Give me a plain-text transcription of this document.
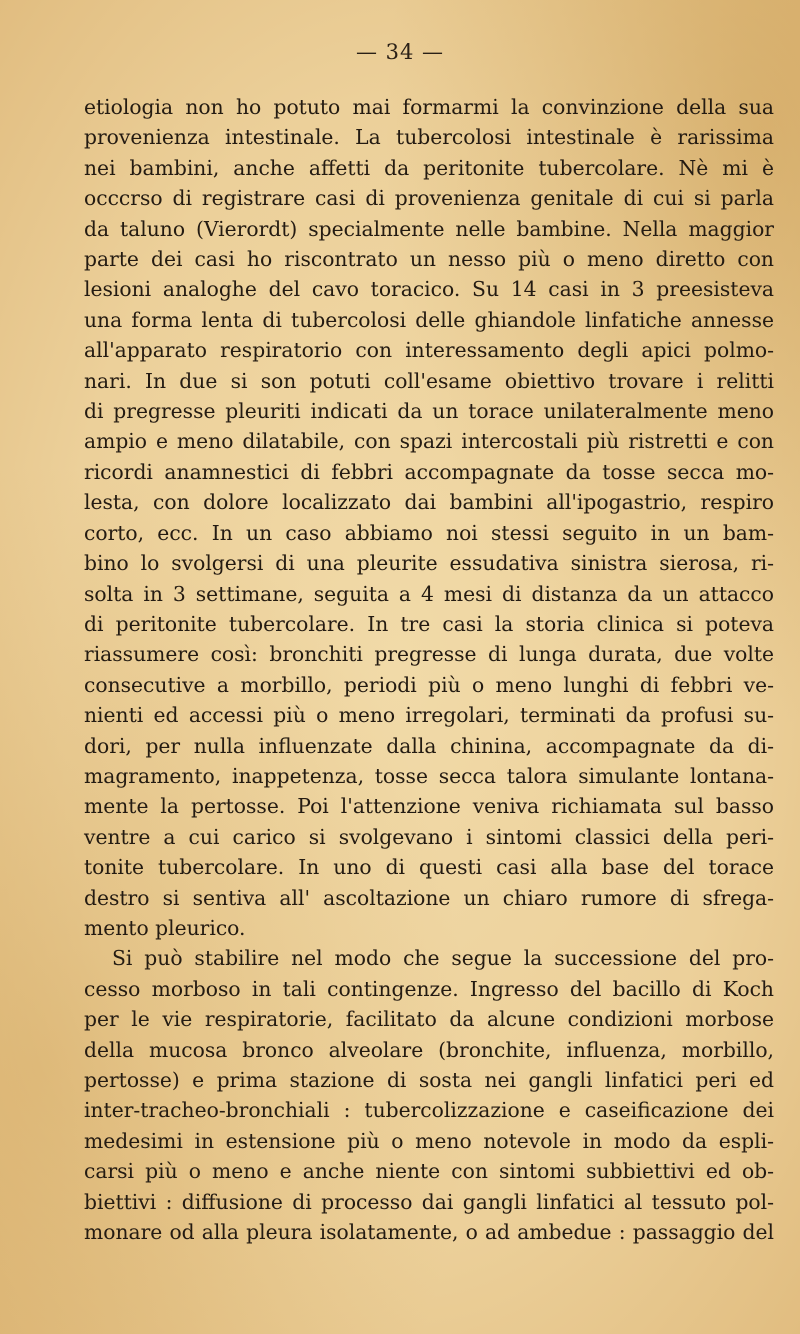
— 34 —
etiologia non ho potuto mai formarmi la convinzione della sua
provenienza intestinale. La tubercolosi intestinale è rarissima
nei bambini, anche affetti da peritonite tubercolare. Nè mi è
occcrso di registrare casi di provenienza genitale di cui si parla
da taluno (Vierordt) specialmente nelle bambine. Nella maggior
parte dei casi ho riscontrato un nesso più o meno diretto con
lesioni analoghe del cavo toracico. Su 14 casi in 3 preesisteva
una forma lenta di tubercolosi delle ghiandole linfatiche annesse
all'apparato respiratorio con interessamento degli apici polmo-
nari. In due si son potuti coll'esame obiettivo trovare i relitti
di pregresse pleuriti indicati da un torace unilateralmente meno
ampio e meno dilatabile, con spazi intercostali più ristretti e con
ricordi anamnestici di febbri accompagnate da tosse secca mo-
lesta, con dolore localizzato dai bambini all'ipogastrio, respiro
corto, ecc. In un caso abbiamo noi stessi seguito in un bam-
bino lo svolgersi di una pleurite essudativa sinistra sierosa, ri-
solta in 3 settimane, seguita a 4 mesi di distanza da un attacco
di peritonite tubercolare. In tre casi la storia clinica si poteva
riassumere così: bronchiti pregresse di lunga durata, due volte
consecutive a morbillo, periodi più o meno lunghi di febbri ve-
nienti ed accessi più o meno irregolari, terminati da profusi su-
dori, per nulla influenzate dalla chinina, accompagnate da di-
magramento, inappetenza, tosse secca talora simulante lontana-
mente la pertosse. Poi l'attenzione veniva richiamata sul basso
ventre a cui carico si svolgevano i sintomi classici della peri-
tonite tubercolare. In uno di questi casi alla base del torace
destro si sentiva all' ascoltazione un chiaro rumore di sfrega-
mento pleurico.
Si può stabilire nel modo che segue la successione del pro-
cesso morboso in tali contingenze. Ingresso del bacillo di Koch
per le vie respiratorie, facilitato da alcune condizioni morbose
della mucosa bronco alveolare (bronchite, influenza, morbillo,
pertosse) e prima stazione di sosta nei gangli linfatici peri ed
inter-tracheo-bronchiali : tubercolizzazione e caseificazione dei
medesimi in estensione più o meno notevole in modo da espli-
carsi più o meno e anche niente con sintomi subbiettivi ed ob-
biettivi : diffusione di processo dai gangli linfatici al tessuto pol-
monare od alla pleura isolatamente, o ad ambedue : passaggio del
